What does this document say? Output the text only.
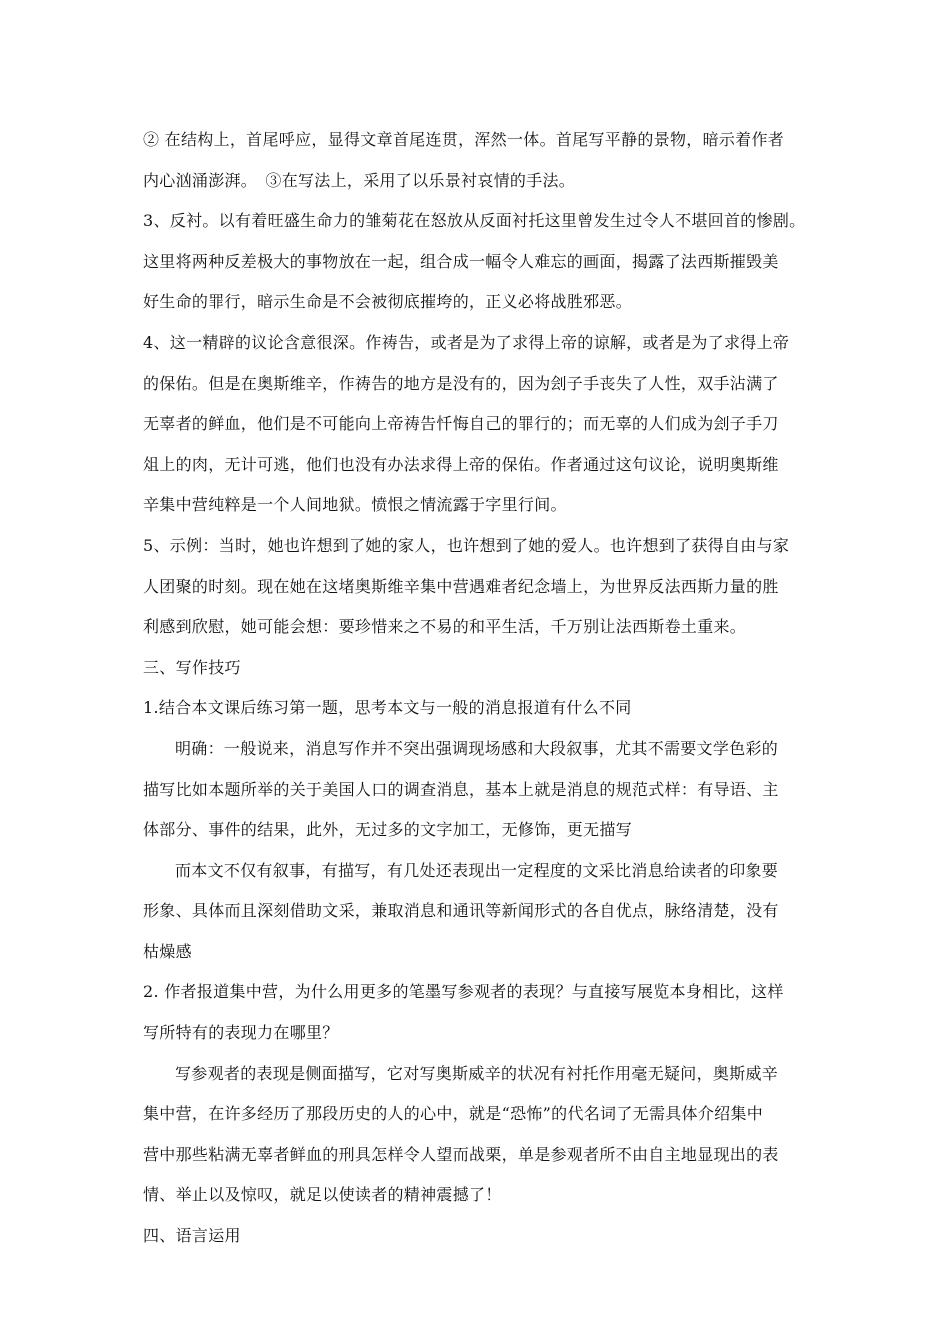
② 在结构上，首尾呼应，显得文章首尾连贯，浑然一体。首尾写平静的景物，暗示着作者
内心汹涌澎湃。　③在写法上，采用了以乐景衬哀情的手法。
3、反衬。以有着旺盛生命力的雏菊花在怒放从反面衬托这里曾发生过令人不堪回首的惨剧。
这里将两种反差极大的事物放在一起，组合成一幅令人难忘的画面，揭露了法西斯摧毁美
好生命的罪行，暗示生命是不会被彻底摧垮的，正义必将战胜邪恶。
4、这一精辟的议论含意很深。作祷告，或者是为了求得上帝的谅解，或者是为了求得上帝
的保佑。但是在奥斯维辛，作祷告的地方是没有的，因为刽子手丧失了人性，双手沾满了
无辜者的鲜血，他们是不可能向上帝祷告忏悔自己的罪行的；而无辜的人们成为刽子手刀
俎上的肉，无计可逃，他们也没有办法求得上帝的保佑。作者通过这句议论，说明奥斯维
辛集中营纯粹是一个人间地狱。愤恨之情流露于字里行间。
5、示例：当时，她也许想到了她的家人，也许想到了她的爱人。也许想到了获得自由与家
人团聚的时刻。现在她在这堵奥斯维辛集中营遇难者纪念墙上，为世界反法西斯力量的胜
利感到欣慰，她可能会想：要珍惜来之不易的和平生活，千万别让法西斯卷土重来。
三、写作技巧
1.结合本文课后练习第一题，思考本文与一般的消息报道有什么不同
明确：一般说来，消息写作并不突出强调现场感和大段叙事，尤其不需要文学色彩的
描写比如本题所举的关于美国人口的调查消息，基本上就是消息的规范式样：有导语、主
体部分、事件的结果，此外，无过多的文字加工，无修饰，更无描写
而本文不仅有叙事，有描写，有几处还表现出一定程度的文采比消息给读者的印象要
形象、具体而且深刻借助文采，兼取消息和通讯等新闻形式的各自优点，脉络清楚，没有
枯燥感
2. 作者报道集中营，为什么用更多的笔墨写参观者的表现？与直接写展览本身相比，这样
写所特有的表现力在哪里？
写参观者的表现是侧面描写，它对写奥斯威辛的状况有衬托作用毫无疑问，奥斯威辛
集中营，在许多经历了那段历史的人的心中，就是“恐怖”的代名词了无需具体介绍集中
营中那些粘满无辜者鲜血的刑具怎样令人望而战栗，单是参观者所不由自主地显现出的表
情、举止以及惊叹，就足以使读者的精神震撼了！
四、语言运用
